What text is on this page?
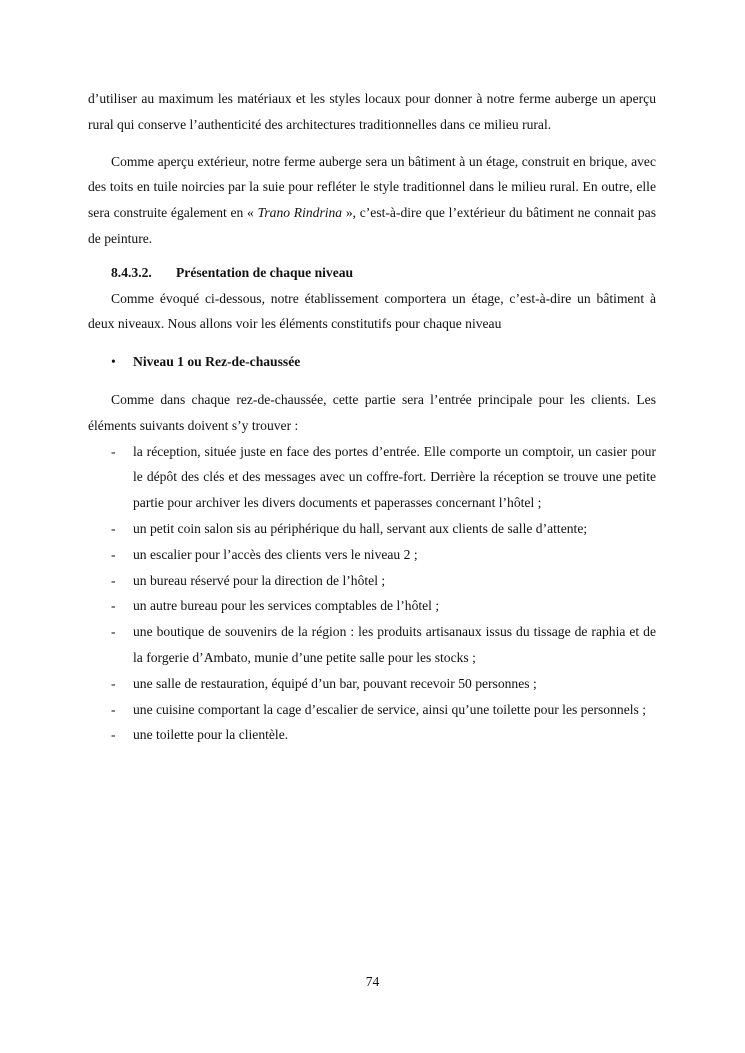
d’utiliser au maximum les matériaux et les styles locaux pour donner à notre ferme auberge un aperçu rural qui conserve l’authenticité des architectures traditionnelles dans ce milieu rural.

Comme aperçu extérieur, notre ferme auberge sera un bâtiment à un étage, construit en brique, avec des toits en tuile noircies par la suie pour refléter le style traditionnel dans le milieu rural. En outre, elle sera construite également en « Trano Rindrina », c’est-à-dire que l’extérieur du bâtiment ne connait pas de peinture.

8.4.3.2. Présentation de chaque niveau

Comme évoqué ci-dessous, notre établissement comportera un étage, c’est-à-dire un bâtiment à deux niveaux. Nous allons voir les éléments constitutifs pour chaque niveau

•	Niveau 1 ou Rez-de-chaussée

Comme dans chaque rez-de-chaussée, cette partie sera l’entrée principale pour les clients. Les éléments suivants doivent s’y trouver :

- la réception, située juste en face des portes d’entrée. Elle comporte un comptoir, un casier pour le dépôt des clés et des messages avec un coffre-fort. Derrière la réception se trouve une petite partie pour archiver les divers documents et paperasses concernant l’hôtel ;
- un petit coin salon sis au périphérique du hall, servant aux clients de salle d’attente;
- un escalier pour l’accès des clients vers le niveau 2 ;
- un bureau réservé pour la direction de l’hôtel ;
- un autre bureau pour les services comptables de l’hôtel ;
- une boutique de souvenirs de la région : les produits artisanaux issus du tissage de raphia et de la forgerie d’Ambato, munie d’une petite salle pour les stocks ;
- une salle de restauration, équipé d’un bar, pouvant recevoir 50 personnes ;
- une cuisine comportant la cage d’escalier de service, ainsi qu’une toilette pour les personnels ;
- une toilette pour la clientèle.
74
